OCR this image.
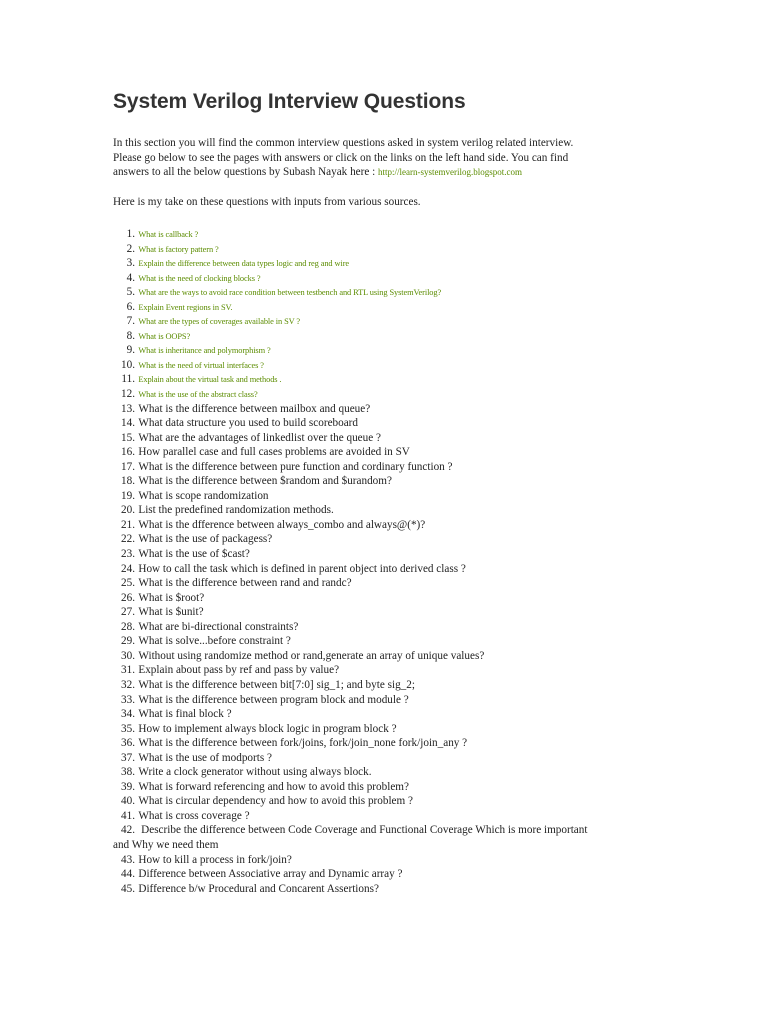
System Verilog Interview Questions
In this section you will find the common interview questions asked in system verilog related interview.
Please go below to see the pages with answers or click on the links on the left hand side. You can find
answers to all the below questions by Subash Nayak here : http://learn-systemverilog.blogspot.com
Here is my take on these questions with inputs from various sources.
1. What is callback ?
2. What is factory pattern ?
3. Explain the difference between data types logic and reg and wire
4. What is the need of clocking blocks ?
5. What are the ways to avoid race condition between testbench and RTL using SystemVerilog?
6. Explain Event regions in SV.
7. What are the types of coverages available in SV ?
8. What is OOPS?
9. What is inheritance and polymorphism ?
10. What is the need of virtual interfaces ?
11. Explain about the virtual task and methods .
12. What is the use of the abstract class?
13. What is the difference between mailbox and queue?
14. What data structure you used to build scoreboard
15. What are the advantages of linkedlist over the queue ?
16. How parallel case and full cases problems are avoided in SV
17. What is the difference between pure function and cordinary function ?
18. What is the difference between $random and $urandom?
19. What is scope randomization
20. List the predefined randomization methods.
21. What is the dfference between always_combo and always@(*)?
22. What is the use of packagess?
23. What is the use of $cast?
24. How to call the task which is defined in parent object into derived class ?
25. What is the difference between rand and randc?
26. What is $root?
27. What is $unit?
28. What are bi-directional constraints?
29. What is solve...before constraint ?
30. Without using randomize method or rand,generate an array of unique values?
31. Explain about pass by ref and pass by value?
32. What is the difference between bit[7:0] sig_1; and byte sig_2;
33. What is the difference between program block and module ?
34. What is final block ?
35. How to implement always block logic in program block ?
36. What is the difference between fork/joins, fork/join_none fork/join_any ?
37. What is the use of modports ?
38. Write a clock generator without using always block.
39. What is forward referencing and how to avoid this problem?
40. What is circular dependency and how to avoid this problem ?
41. What is cross coverage ?
42. Describe the difference between Code Coverage and Functional Coverage Which is more important
and Why we need them
43. How to kill a process in fork/join?
44. Difference between Associative array and Dynamic array ?
45. Difference b/w Procedural and Concarent Assertions?
